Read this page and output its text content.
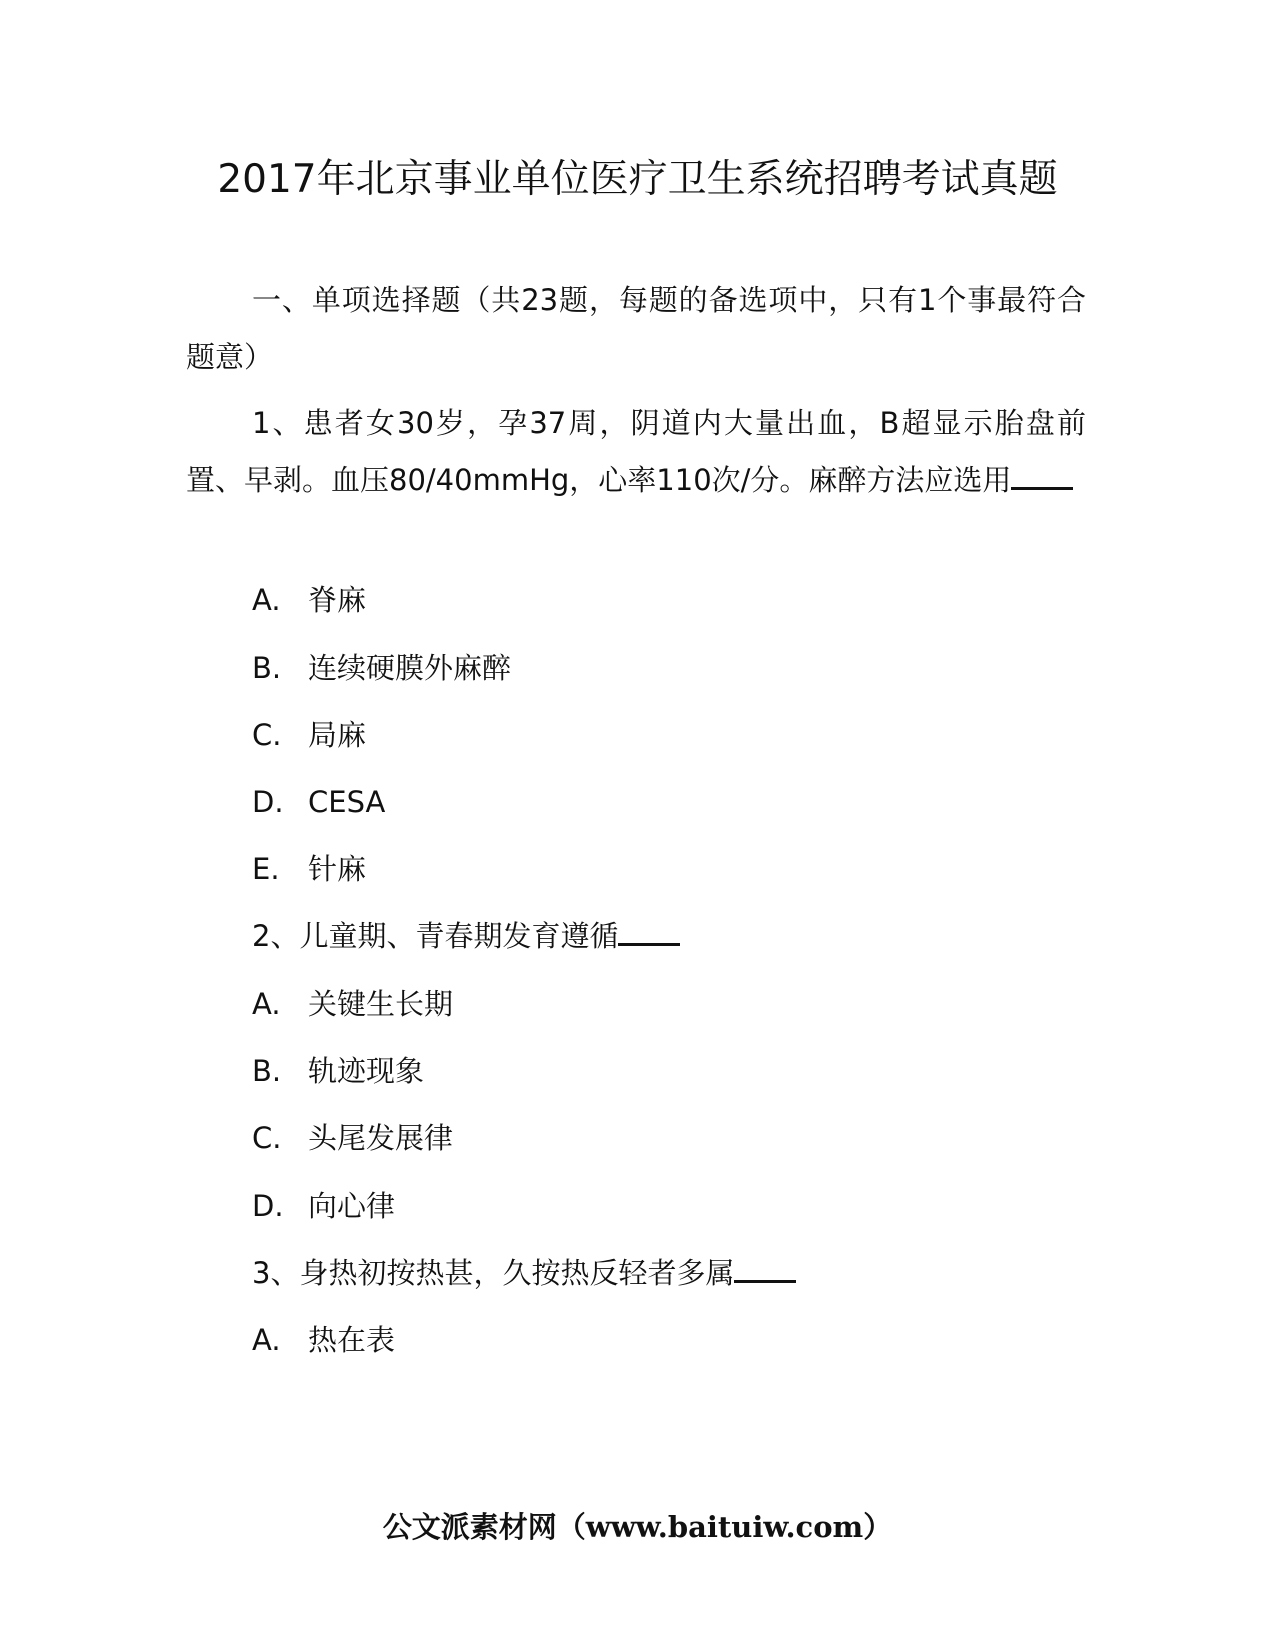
2017年北京事业单位医疗卫生系统招聘考试真题

一、单项选择题（共23题，每题的备选项中，只有1个事最符合题意）

1、患者女30岁，孕37周，阴道内大量出血，B超显示胎盘前置、早剥。血压80/40mmHg，心率110次/分。麻醉方法应选用

A. 脊麻

B. 连续硬膜外麻醉

C. 局麻

D. CESA

E. 针麻

2、儿童期、青春期发育遵循

A. 关键生长期

B. 轨迹现象

C. 头尾发展律

D. 向心律

3、身热初按热甚，久按热反轻者多属

A. 热在表

公文派素材网（www.baituiw.com）
